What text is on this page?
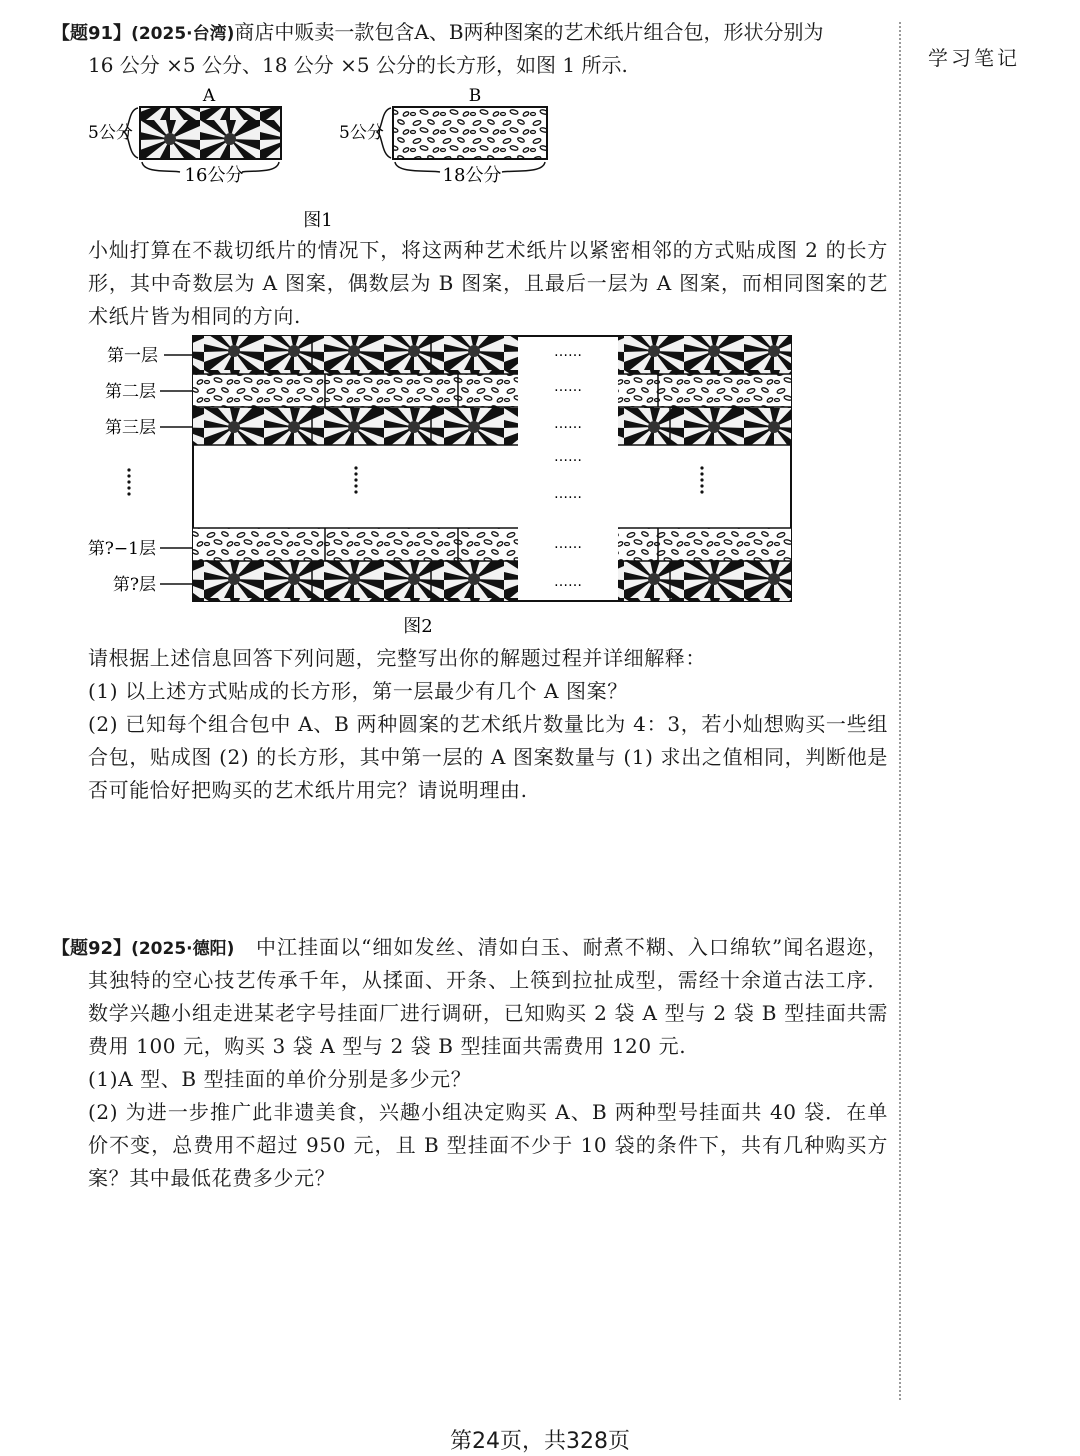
学习笔记
【题91】(2025·台湾)商店中贩卖一款包含A、B两种图案的艺术纸片组合包，形状分别为
16 公分 ×5 公分、18 公分 ×5 公分的长方形，如图 1 所示.
A	B
5公分	5公分
16公分	18公分
图1
小灿打算在不裁切纸片的情况下，将这两种艺术纸片以紧密相邻的方式贴成图 2 的长方形，其中奇数层为 A 图案，偶数层为 B 图案，且最后一层为 A 图案，而相同图案的艺术纸片皆为相同的方向.
第一层
第二层
第三层
第?−1层
第?层
……
……
……
……
……
……
……
图2
请根据上述信息回答下列问题，完整写出你的解题过程并详细解释：
(1) 以上述方式贴成的长方形，第一层最少有几个 A 图案？
(2) 已知每个组合包中 A、B 两种圆案的艺术纸片数量比为 4：3，若小灿想购买一些组合包，贴成图 (2) 的长方形，其中第一层的 A 图案数量与 (1) 求出之值相同，判断他是否可能恰好把购买的艺术纸片用完？请说明理由.
【题92】(2025·德阳)	中江挂面以“细如发丝、清如白玉、耐煮不糊、入口绵软”闻名遐迩，其独特的空心技艺传承千年，从揉面、开条、上筷到拉扯成型，需经十余道古法工序．数学兴趣小组走进某老字号挂面厂进行调研，已知购买 2 袋 A 型与 2 袋 B 型挂面共需费用 100 元，购买 3 袋 A 型与 2 袋 B 型挂面共需费用 120 元.
(1)A 型、B 型挂面的单价分别是多少元？
(2) 为进一步推广此非遗美食，兴趣小组决定购买 A、B 两种型号挂面共 40 袋．在单价不变，总费用不超过 950 元，且 B 型挂面不少于 10 袋的条件下，共有几种购买方案？其中最低花费多少元？
第24页，共328页
